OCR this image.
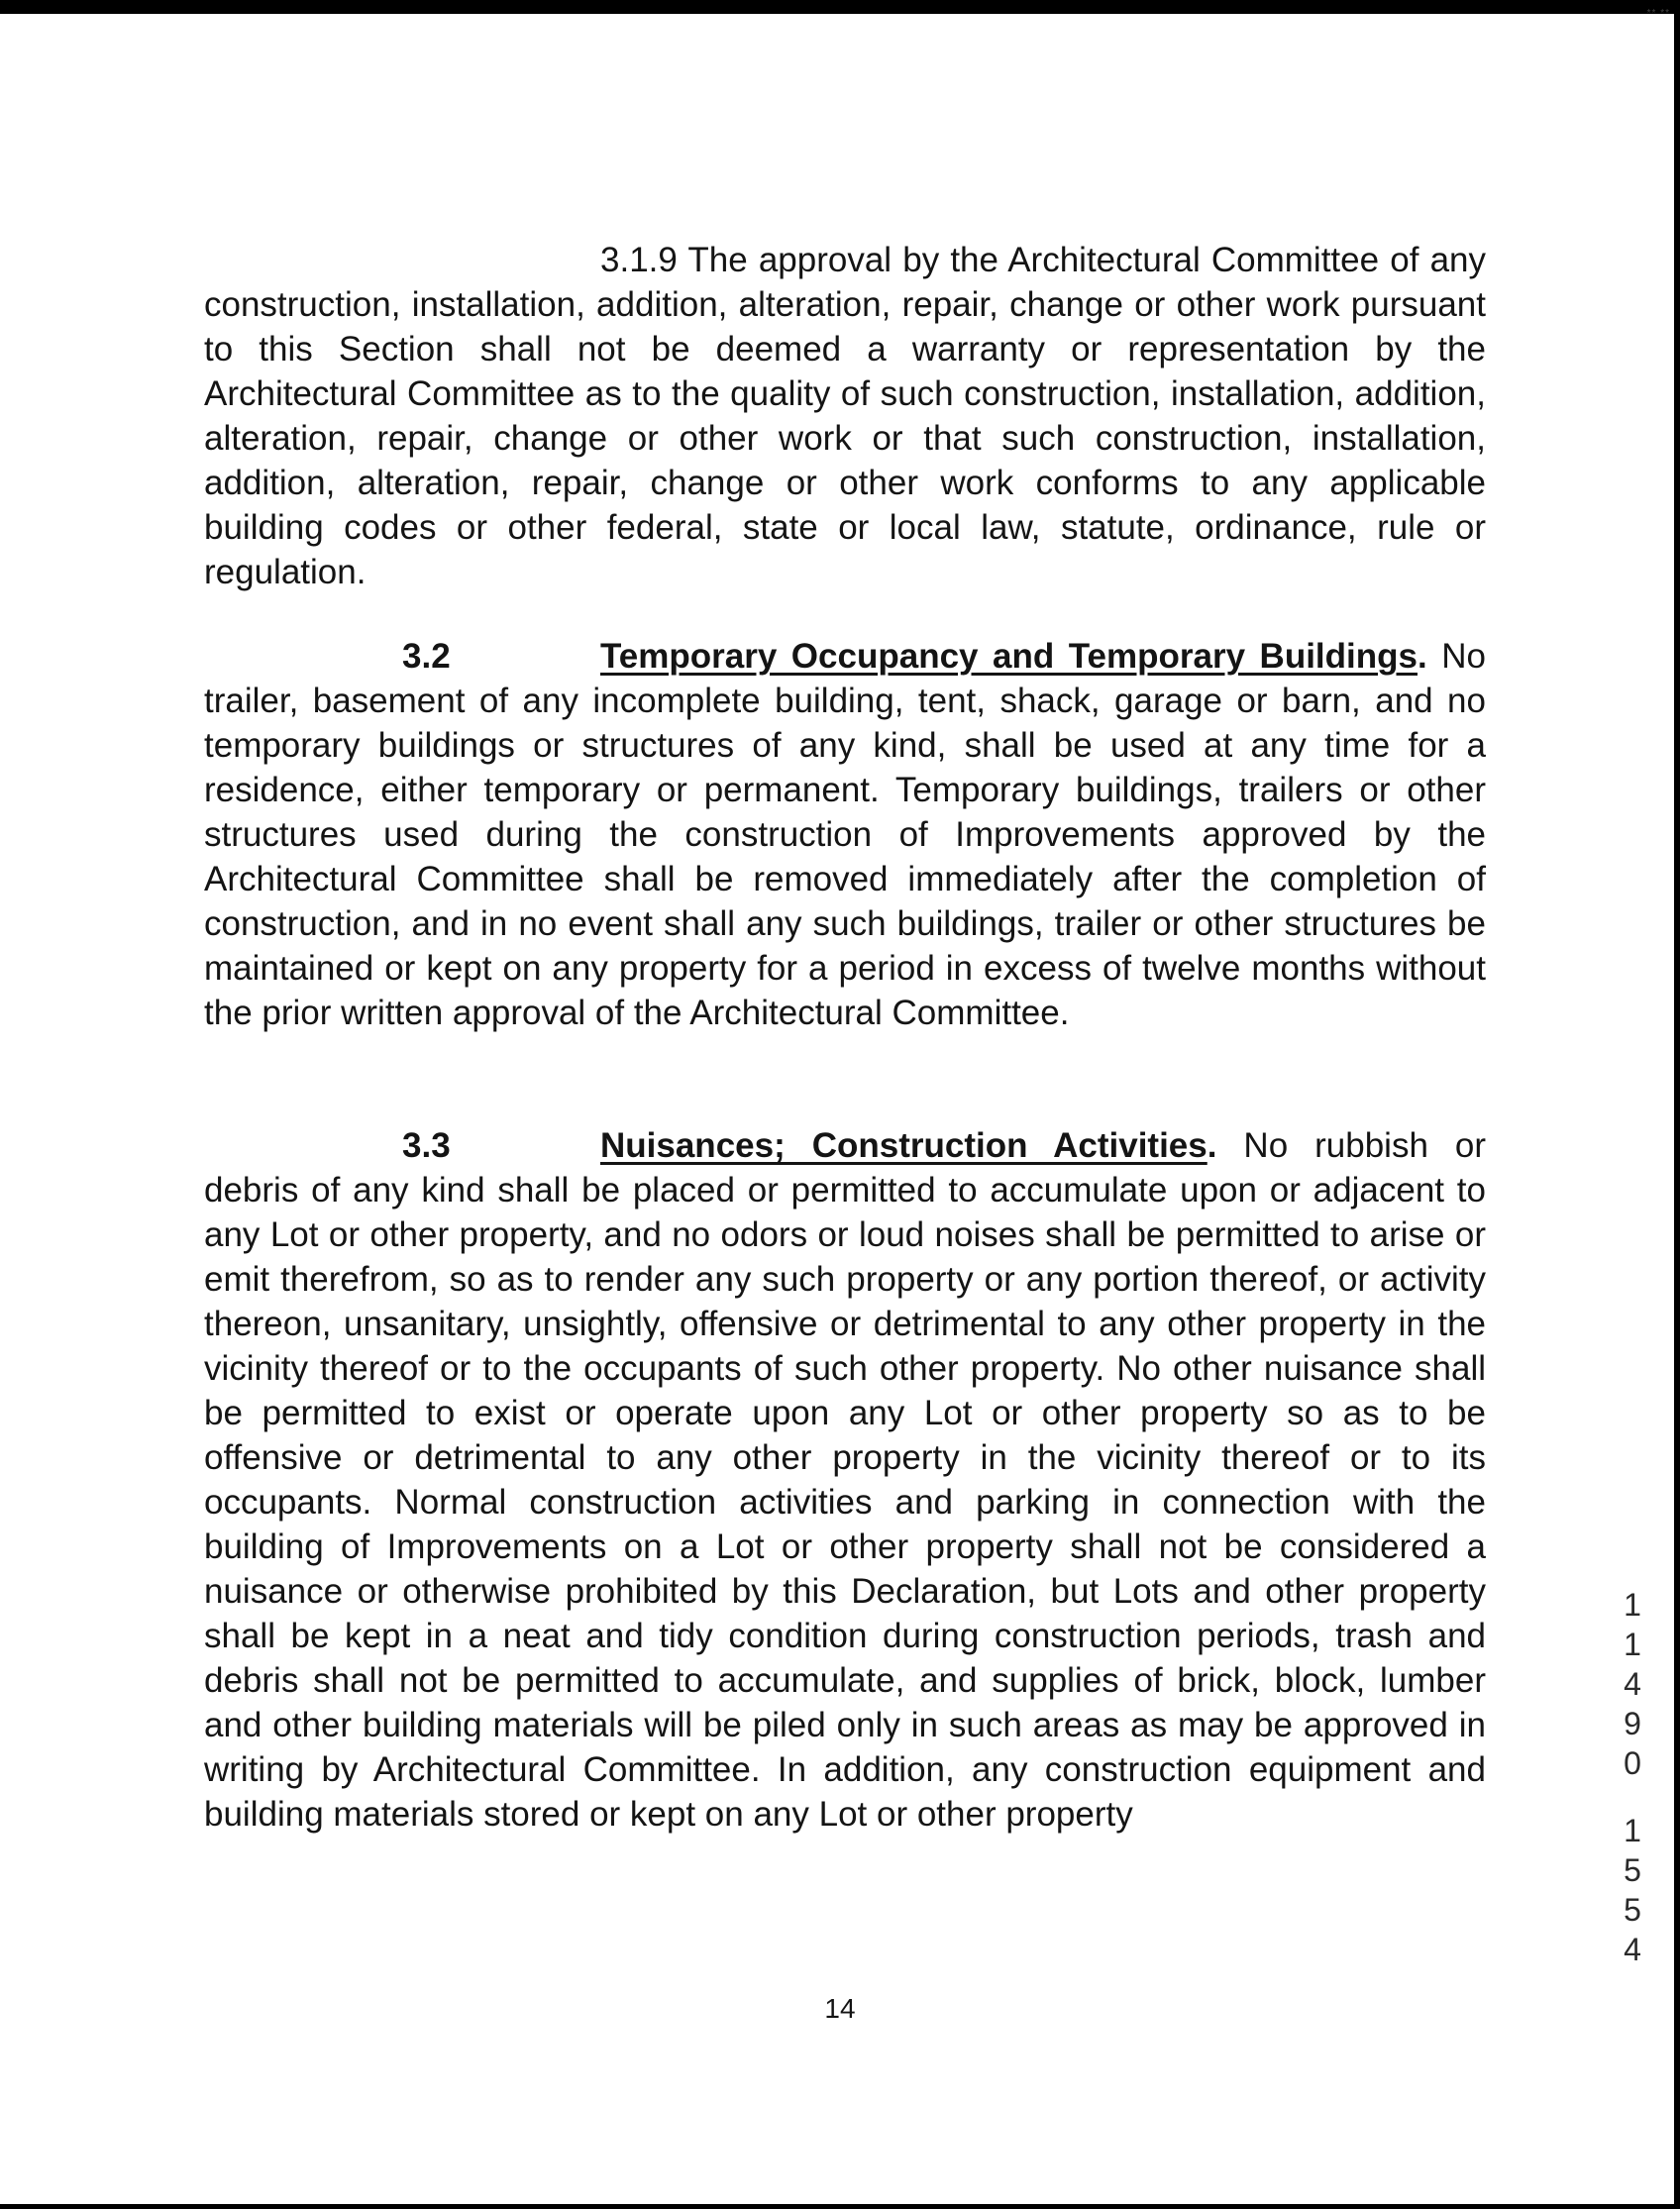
** **

3.1.9 The approval by the Architectural Committee of any construction, installation, addition, alteration, repair, change or other work pursuant to this Section shall not be deemed a warranty or representation by the Architectural Committee as to the quality of such construction, installation, addition, alteration, repair, change or other work or that such construction, installation, addition, alteration, repair, change or other work conforms to any applicable building codes or other federal, state or local law, statute, ordinance, rule or regulation.

3.2	Temporary Occupancy and Temporary Buildings. No trailer, basement of any incomplete building, tent, shack, garage or barn, and no temporary buildings or structures of any kind, shall be used at any time for a residence, either temporary or permanent. Temporary buildings, trailers or other structures used during the construction of Improvements approved by the Architectural Committee shall be removed immediately after the completion of construction, and in no event shall any such buildings, trailer or other structures be maintained or kept on any property for a period in excess of twelve months without the prior written approval of the Architectural Committee.

3.3	Nuisances; Construction Activities. No rubbish or debris of any kind shall be placed or permitted to accumulate upon or adjacent to any Lot or other property, and no odors or loud noises shall be permitted to arise or emit therefrom, so as to render any such property or any portion thereof, or activity thereon, unsanitary, unsightly, offensive or detrimental to any other property in the vicinity thereof or to the occupants of such other property. No other nuisance shall be permitted to exist or operate upon any Lot or other property so as to be offensive or detrimental to any other property in the vicinity thereof or to its occupants. Normal construction activities and parking in connection with the building of Improvements on a Lot or other property shall not be considered a nuisance or otherwise prohibited by this Declaration, but Lots and other property shall be kept in a neat and tidy condition during construction periods, trash and debris shall not be permitted to accumulate, and supplies of brick, block, lumber and other building materials will be piled only in such areas as may be approved in writing by Architectural Committee. In addition, any construction equipment and building materials stored or kept on any Lot or other property

14
1
1
4
9
0
1
5
5
4
